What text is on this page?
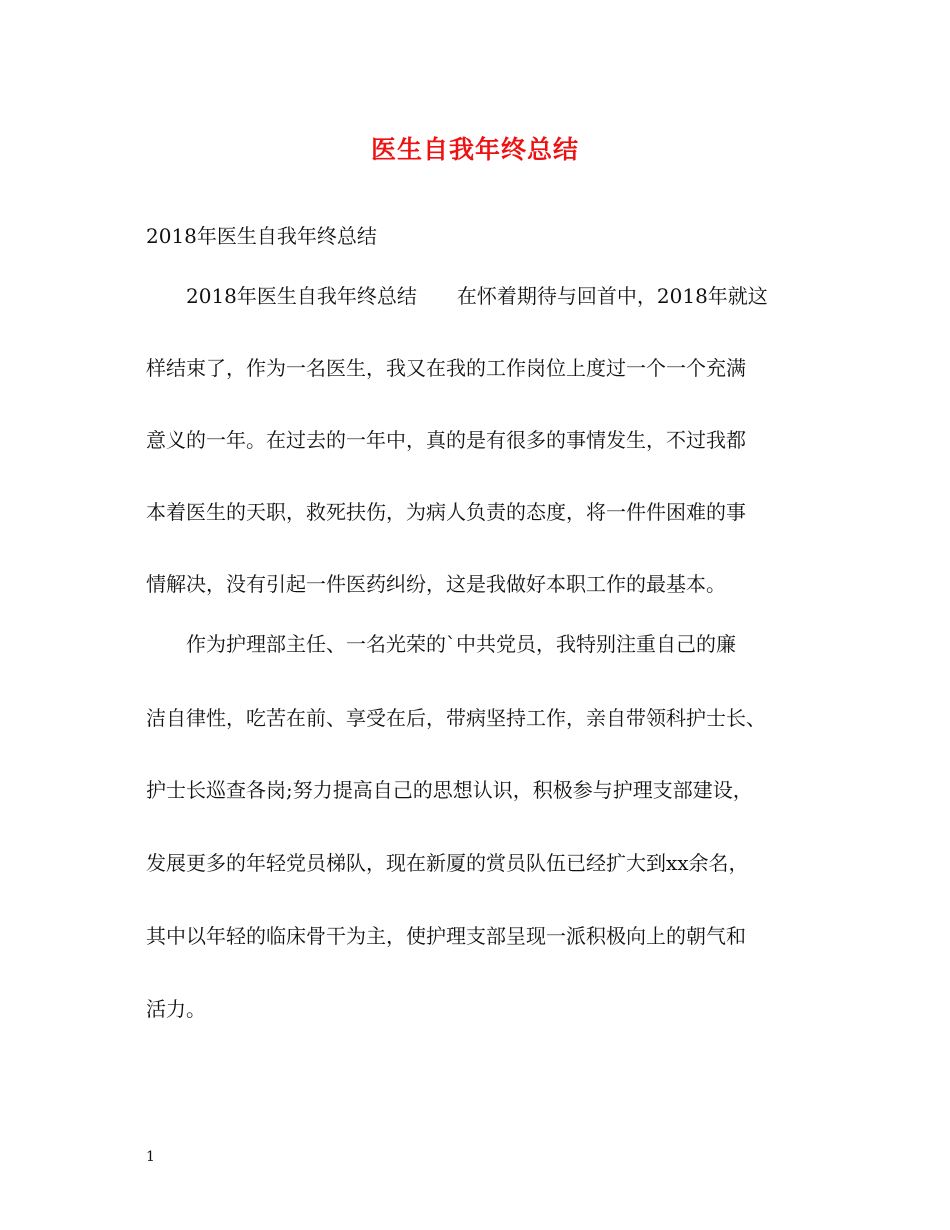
医生自我年终总结
2018年医生自我年终总结
　　2018年医生自我年终总结　　在怀着期待与回首中，2018年就这
样结束了，作为一名医生，我又在我的工作岗位上度过一个一个充满
意义的一年。在过去的一年中，真的是有很多的事情发生，不过我都
本着医生的天职，救死扶伤，为病人负责的态度，将一件件困难的事
情解决，没有引起一件医药纠纷，这是我做好本职工作的最基本。
　　作为护理部主任、一名光荣的`中共党员，我特别注重自己的廉
洁自律性，吃苦在前、享受在后，带病坚持工作，亲自带领科护士长、
护士长巡查各岗;努力提高自己的思想认识，积极参与护理支部建设，
发展更多的年轻党员梯队，现在新厦的赏员队伍已经扩大到xx余名，
其中以年轻的临床骨干为主，使护理支部呈现一派积极向上的朝气和
活力。
1
